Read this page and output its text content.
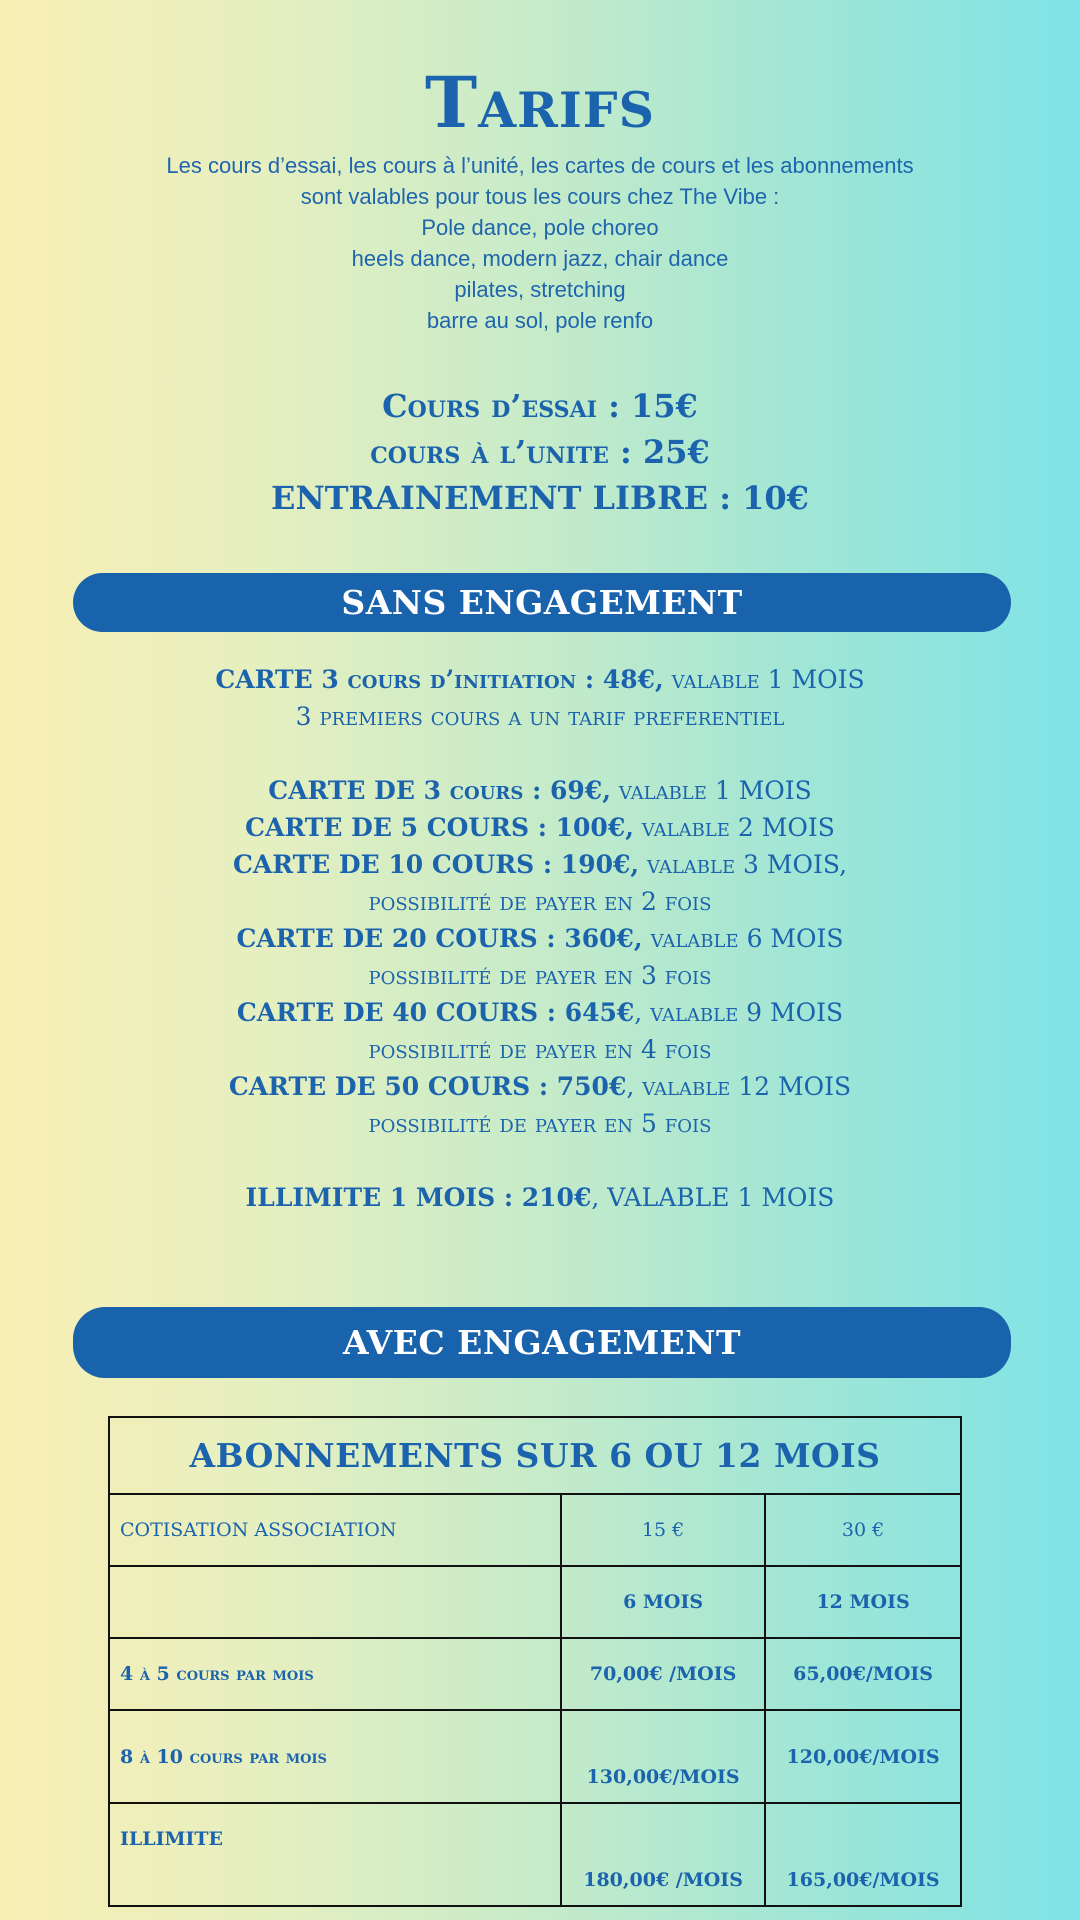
Tarifs
Les cours d’essai, les cours à l’unité, les cartes de cours et les abonnements
sont valables pour tous les cours chez The Vibe :
Pole dance, pole choreo
heels dance, modern jazz, chair dance
pilates, stretching
barre au sol, pole renfo
Cours d’essai : 15€
cours à l’unite : 25€
ENTRAINEMENT LIBRE : 10€
SANS ENGAGEMENT
CARTE 3 cours d’initiation : 48€, valable 1 MOIS
3 premiers cours a un tarif preferentiel
CARTE DE 3 cours : 69€, valable 1 MOIS
CARTE DE 5 COURS : 100€, valable 2 MOIS
CARTE DE 10 COURS : 190€, valable 3 MOIS,
possibilité de payer en 2 fois
CARTE DE 20 COURS : 360€, valable 6 MOIS
possibilité de payer en 3 fois
CARTE DE 40 COURS : 645€, valable 9 MOIS
possibilité de payer en 4 fois
CARTE DE 50 COURS : 750€, valable 12 MOIS
possibilité de payer en 5 fois
ILLIMITE 1 MOIS : 210€, VALABLE 1 MOIS
AVEC ENGAGEMENT
ABONNEMENTS SUR 6 OU 12 MOIS		
COTISATION ASSOCIATION	15 €	30 €
	6 MOIS	12 MOIS
4 à 5 cours par mois	70,00€ /MOIS	65,00€/MOIS
8 à 10 cours par mois	130,00€/MOIS	120,00€/MOIS
ILLIMITE	180,00€ /MOIS	165,00€/MOIS
